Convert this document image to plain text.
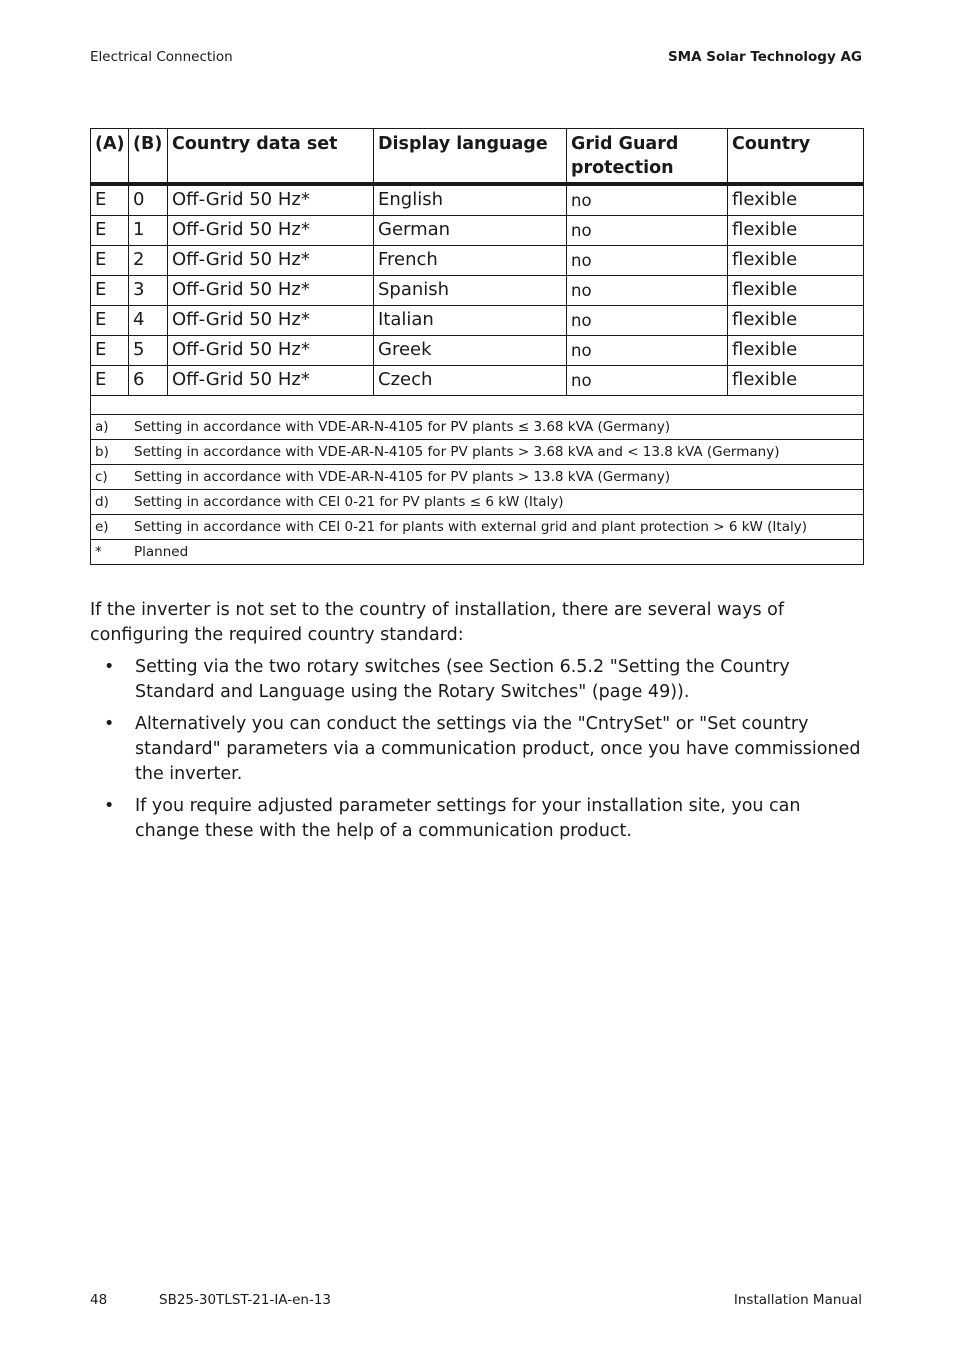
Electrical Connection	SMA Solar Technology AG
(A)	(B)	Country data set	Display language	Grid Guard protection	Country
E	0	Off-Grid 50 Hz*	English	no	flexible
E	1	Off-Grid 50 Hz*	German	no	flexible
E	2	Off-Grid 50 Hz*	French	no	flexible
E	3	Off-Grid 50 Hz*	Spanish	no	flexible
E	4	Off-Grid 50 Hz*	Italian	no	flexible
E	5	Off-Grid 50 Hz*	Greek	no	flexible
E	6	Off-Grid 50 Hz*	Czech	no	flexible

a) Setting in accordance with VDE-AR-N-4105 for PV plants ≤ 3.68 kVA (Germany)					
b) Setting in accordance with VDE-AR-N-4105 for PV plants > 3.68 kVA and < 13.8 kVA (Germany)					
c) Setting in accordance with VDE-AR-N-4105 for PV plants > 13.8 kVA (Germany)					
d) Setting in accordance with CEI 0-21 for PV plants ≤ 6 kW (Italy)					
e) Setting in accordance with CEI 0-21 for plants with external grid and plant protection > 6 kW (Italy)					
* Planned					

If the inverter is not set to the country of installation, there are several ways of configuring the required country standard:

• Setting via the two rotary switches (see Section 6.5.2 "Setting the Country Standard and Language using the Rotary Switches" (page 49)).
• Alternatively you can conduct the settings via the "CntrySet" or "Set country standard" parameters via a communication product, once you have commissioned the inverter.
• If you require adjusted parameter settings for your installation site, you can change these with the help of a communication product.
48	SB25-30TLST-21-IA-en-13	Installation Manual
